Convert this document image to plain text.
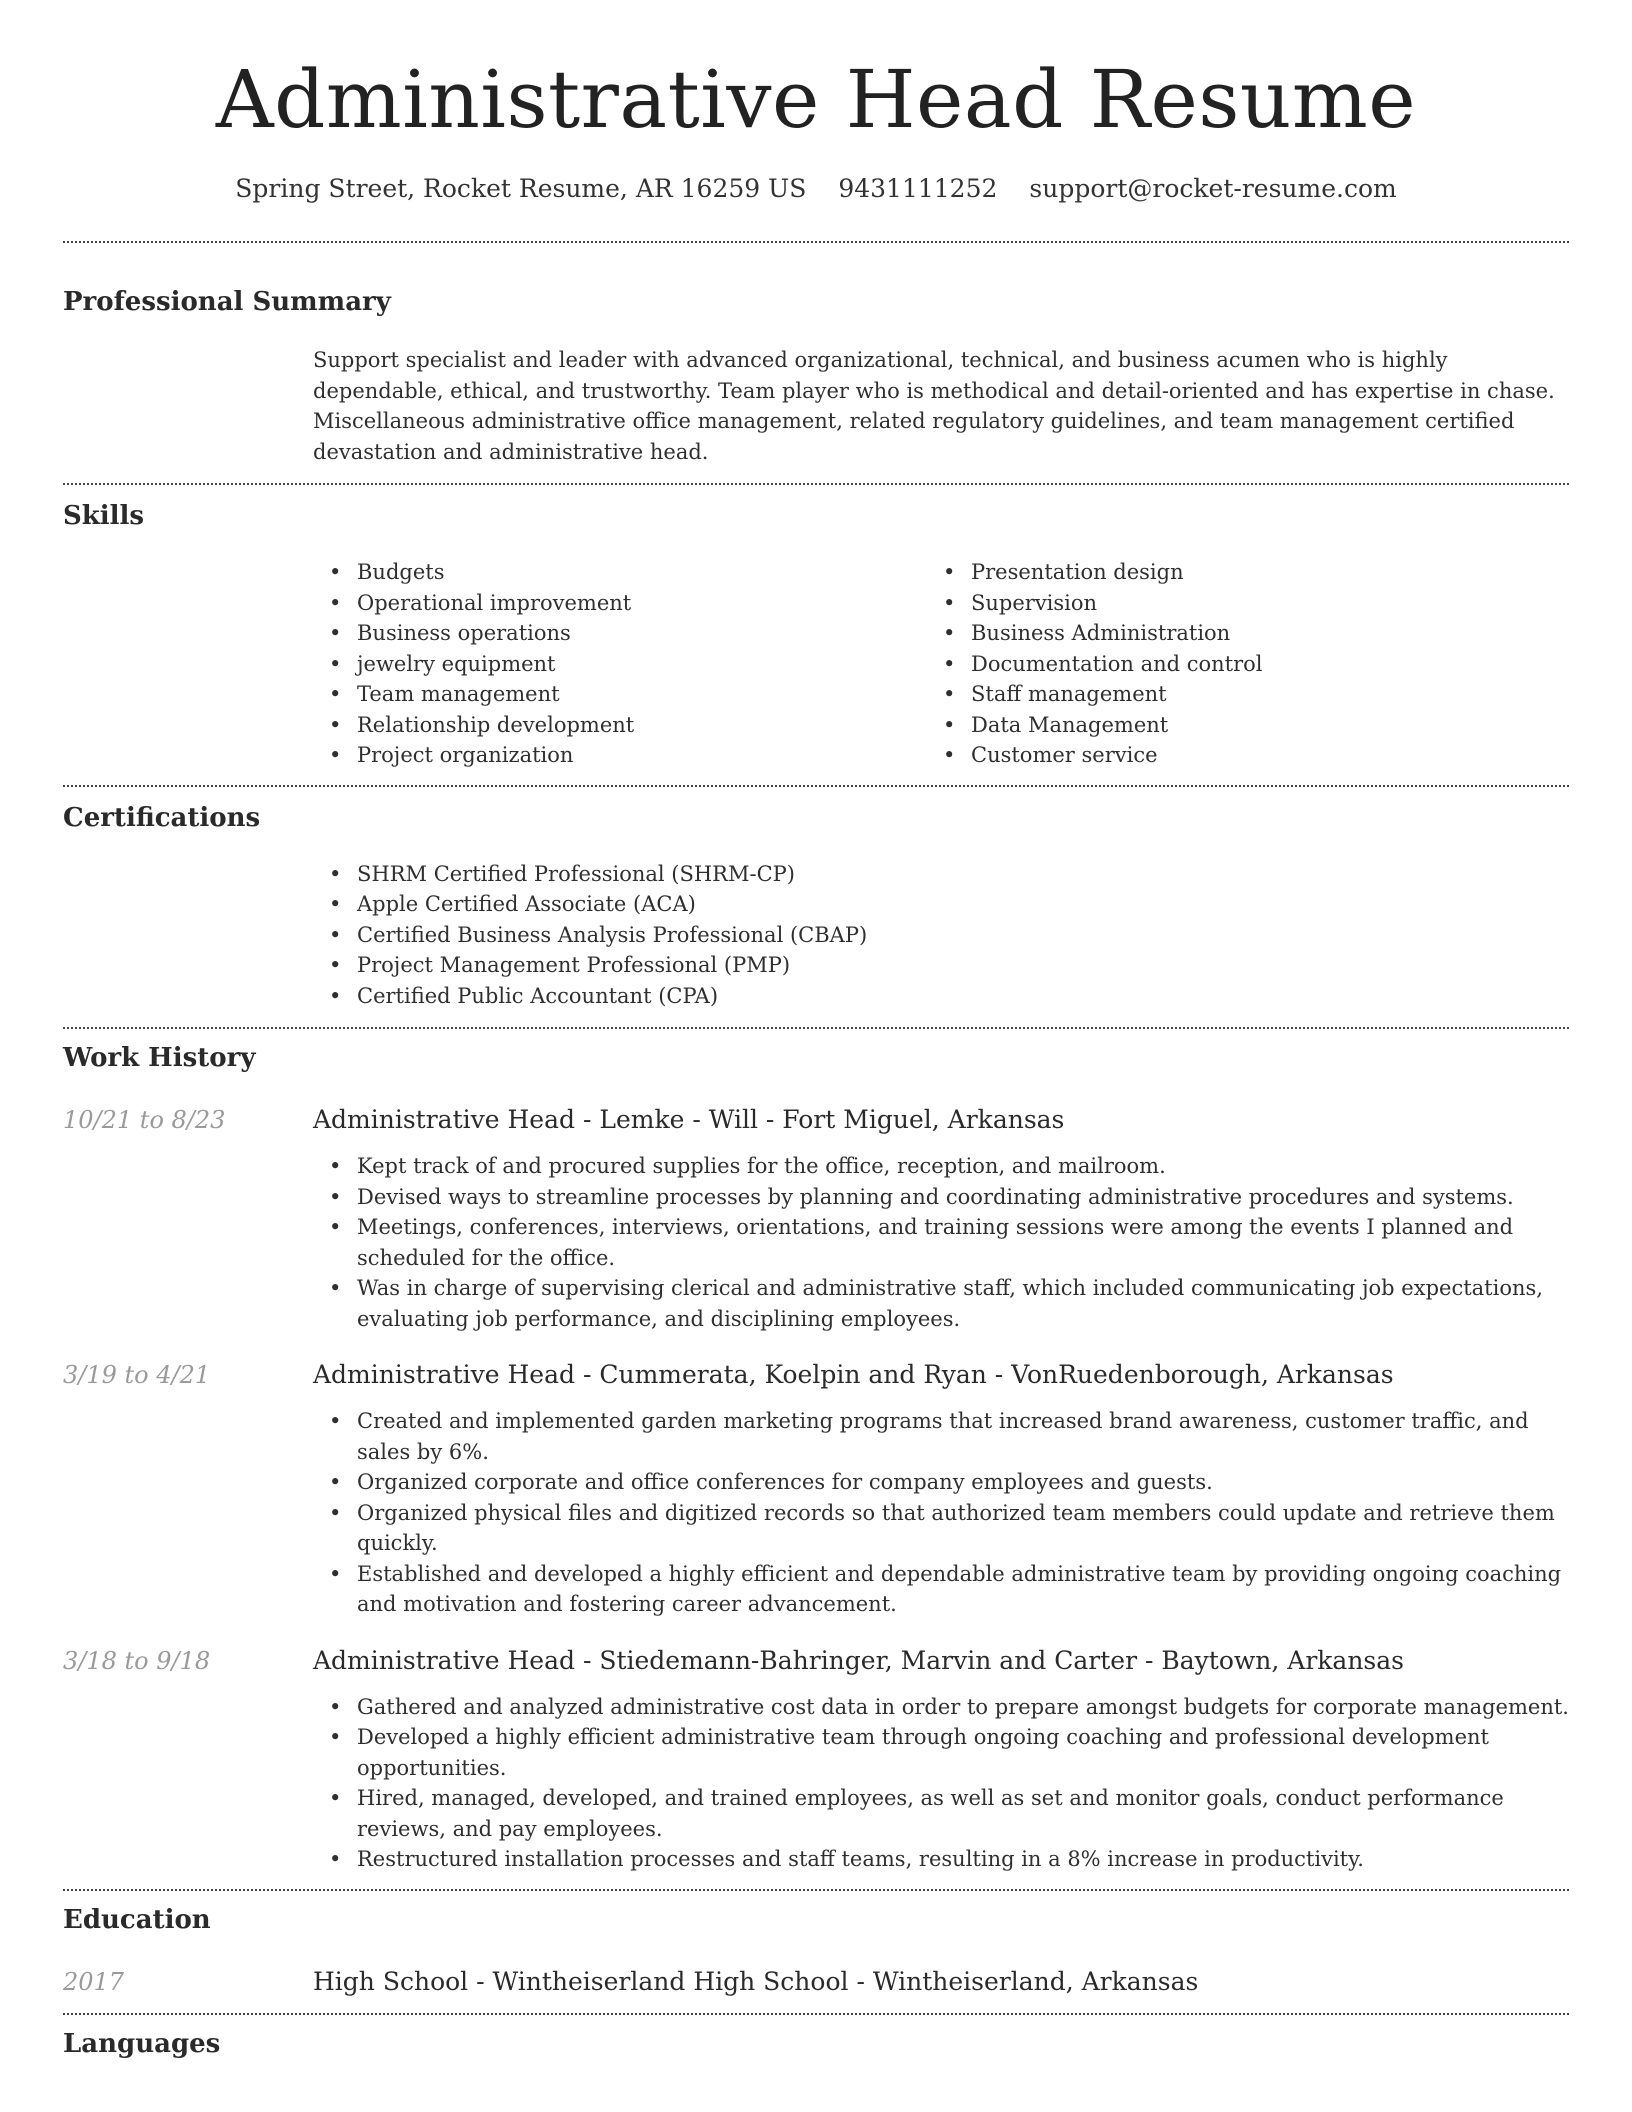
Administrative Head Resume
Spring Street, Rocket Resume, AR 16259 US 9431111252 support@rocket-resume.com
Professional Summary

Support specialist and leader with advanced organizational, technical, and business acumen who is highly dependable, ethical, and trustworthy. Team player who is methodical and detail-oriented and has expertise in chase. Miscellaneous administrative office management, related regulatory guidelines, and team management certified devastation and administrative head.

Skills
• Budgets
• Operational improvement
• Business operations
• jewelry equipment
• Team management
• Relationship development
• Project organization
• Presentation design
• Supervision
• Business Administration
• Documentation and control
• Staff management
• Data Management
• Customer service
Certifications
• SHRM Certified Professional (SHRM-CP)
• Apple Certified Associate (ACA)
• Certified Business Analysis Professional (CBAP)
• Project Management Professional (PMP)
• Certified Public Accountant (CPA)
Work History
10/21 to 8/23	Administrative Head - Lemke - Will - Fort Miguel, Arkansas
• Kept track of and procured supplies for the office, reception, and mailroom.
• Devised ways to streamline processes by planning and coordinating administrative procedures and systems.
• Meetings, conferences, interviews, orientations, and training sessions were among the events I planned and scheduled for the office.
• Was in charge of supervising clerical and administrative staff, which included communicating job expectations, evaluating job performance, and disciplining employees.
3/19 to 4/21	Administrative Head - Cummerata, Koelpin and Ryan - VonRuedenborough, Arkansas
• Created and implemented garden marketing programs that increased brand awareness, customer traffic, and sales by 6%.
• Organized corporate and office conferences for company employees and guests.
• Organized physical files and digitized records so that authorized team members could update and retrieve them quickly.
• Established and developed a highly efficient and dependable administrative team by providing ongoing coaching and motivation and fostering career advancement.
3/18 to 9/18	Administrative Head - Stiedemann-Bahringer, Marvin and Carter - Baytown, Arkansas
• Gathered and analyzed administrative cost data in order to prepare amongst budgets for corporate management.
• Developed a highly efficient administrative team through ongoing coaching and professional development opportunities.
• Hired, managed, developed, and trained employees, as well as set and monitor goals, conduct performance reviews, and pay employees.
• Restructured installation processes and staff teams, resulting in a 8% increase in productivity.
Education
2017	High School - Wintheiserland High School - Wintheiserland, Arkansas
Languages
